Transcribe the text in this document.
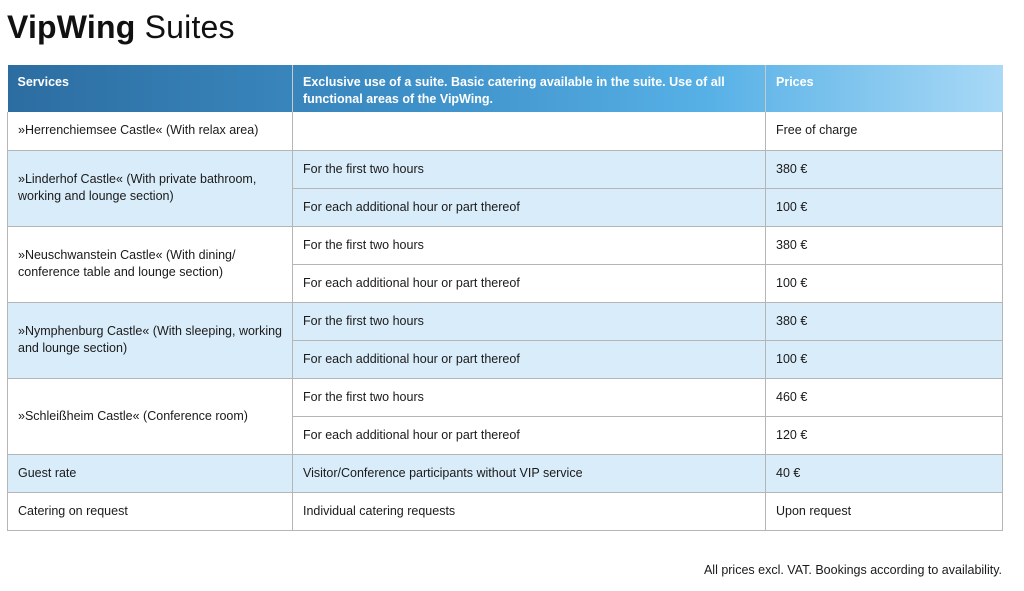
VipWing Suites
Services	Exclusive use of a suite. Basic catering available in the suite. Use of all functional areas of the VipWing.	Prices
»Herrenchiemsee Castle« (With relax area)		Free of charge
»Linderhof Castle« (With private bathroom, working and lounge section)	For the first two hours	380 €
	For each additional hour or part thereof	100 €
»Neuschwanstein Castle« (With dining/ conference table and lounge section)	For the first two hours	380 €
	For each additional hour or part thereof	100 €
»Nymphenburg Castle« (With sleeping, working and lounge section)	For the first two hours	380 €
	For each additional hour or part thereof	100 €
»Schleißheim Castle« (Conference room)	For the first two hours	460 €
	For each additional hour or part thereof	120 €
Guest rate	Visitor/Conference participants without VIP service	40 €
Catering on request	Individual catering requests	Upon request

All prices excl. VAT. Bookings according to availability.
